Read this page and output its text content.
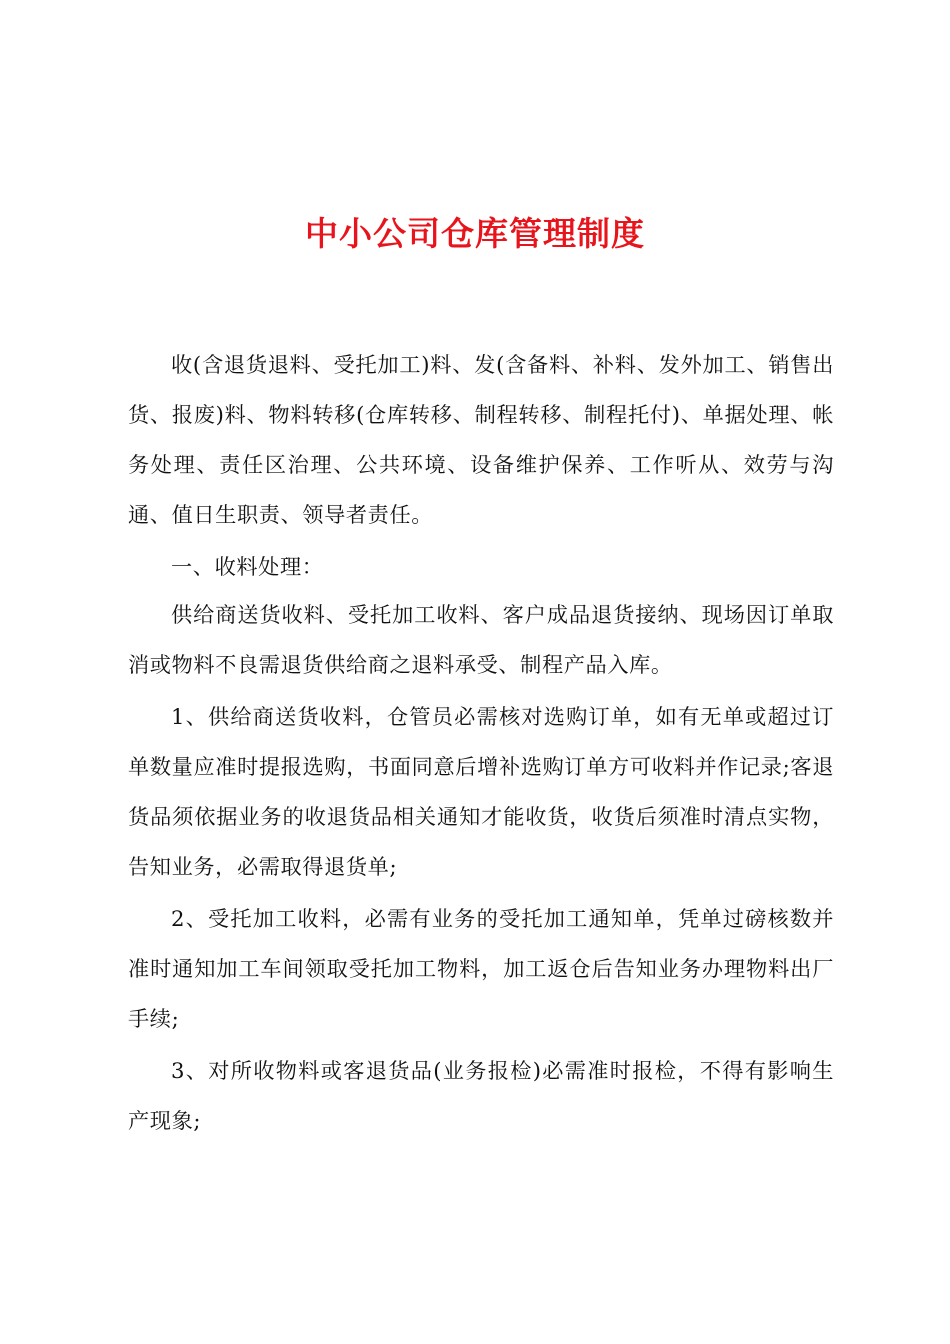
中小公司仓库管理制度

收(含退货退料、受托加工)料、发(含备料、补料、发外加工、销售出货、报废)料、物料转移(仓库转移、制程转移、制程托付)、单据处理、帐务处理、责任区治理、公共环境、设备维护保养、工作听从、效劳与沟通、值日生职责、领导者责任。

一、收料处理：

供给商送货收料、受托加工收料、客户成品退货接纳、现场因订单取消或物料不良需退货供给商之退料承受、制程产品入库。

1、供给商送货收料，仓管员必需核对选购订单，如有无单或超过订单数量应准时提报选购，书面同意后增补选购订单方可收料并作记录;客退货品须依据业务的收退货品相关通知才能收货，收货后须准时清点实物，告知业务，必需取得退货单;

2、受托加工收料，必需有业务的受托加工通知单，凭单过磅核数并准时通知加工车间领取受托加工物料，加工返仓后告知业务办理物料出厂手续;

3、对所收物料或客退货品(业务报检)必需准时报检，不得有影响生产现象;
